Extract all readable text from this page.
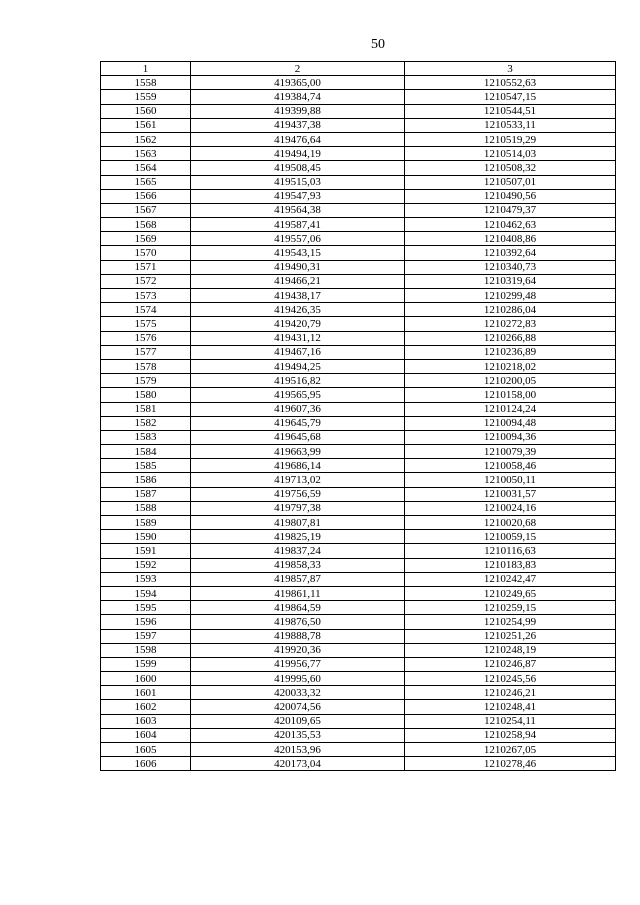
50
1	2	3
1558	419365,00	1210552,63
1559	419384,74	1210547,15
1560	419399,88	1210544,51
1561	419437,38	1210533,11
1562	419476,64	1210519,29
1563	419494,19	1210514,03
1564	419508,45	1210508,32
1565	419515,03	1210507,01
1566	419547,93	1210490,56
1567	419564,38	1210479,37
1568	419587,41	1210462,63
1569	419557,06	1210408,86
1570	419543,15	1210392,64
1571	419490,31	1210340,73
1572	419466,21	1210319,64
1573	419438,17	1210299,48
1574	419426,35	1210286,04
1575	419420,79	1210272,83
1576	419431,12	1210266,88
1577	419467,16	1210236,89
1578	419494,25	1210218,02
1579	419516,82	1210200,05
1580	419565,95	1210158,00
1581	419607,36	1210124,24
1582	419645,79	1210094,48
1583	419645,68	1210094,36
1584	419663,99	1210079,39
1585	419686,14	1210058,46
1586	419713,02	1210050,11
1587	419756,59	1210031,57
1588	419797,38	1210024,16
1589	419807,81	1210020,68
1590	419825,19	1210059,15
1591	419837,24	1210116,63
1592	419858,33	1210183,83
1593	419857,87	1210242,47
1594	419861,11	1210249,65
1595	419864,59	1210259,15
1596	419876,50	1210254,99
1597	419888,78	1210251,26
1598	419920,36	1210248,19
1599	419956,77	1210246,87
1600	419995,60	1210245,56
1601	420033,32	1210246,21
1602	420074,56	1210248,41
1603	420109,65	1210254,11
1604	420135,53	1210258,94
1605	420153,96	1210267,05
1606	420173,04	1210278,46
